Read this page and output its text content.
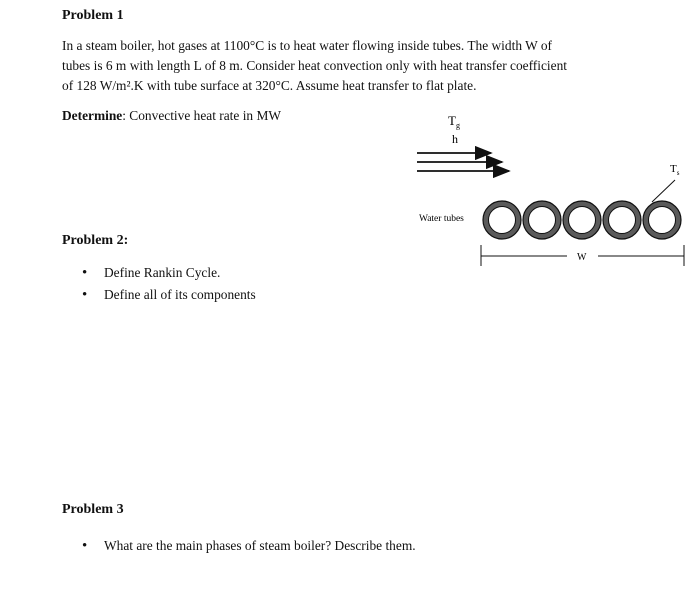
Problem 1
In a steam boiler, hot gases at 1100°C is to heat water flowing inside tubes. The width W of
tubes is 6 m with length L of 8 m. Consider heat convection only with heat transfer coefficient
of 128 W/m².K with tube surface at 320°C. Assume heat transfer to flat plate.
Determine: Convective heat rate in MW	$T_g$
h
$T_s$
Water tubes
W
Problem 2:
• Define Rankin Cycle.
• Define all of its components
Problem 3
• What are the main phases of steam boiler? Describe them.
